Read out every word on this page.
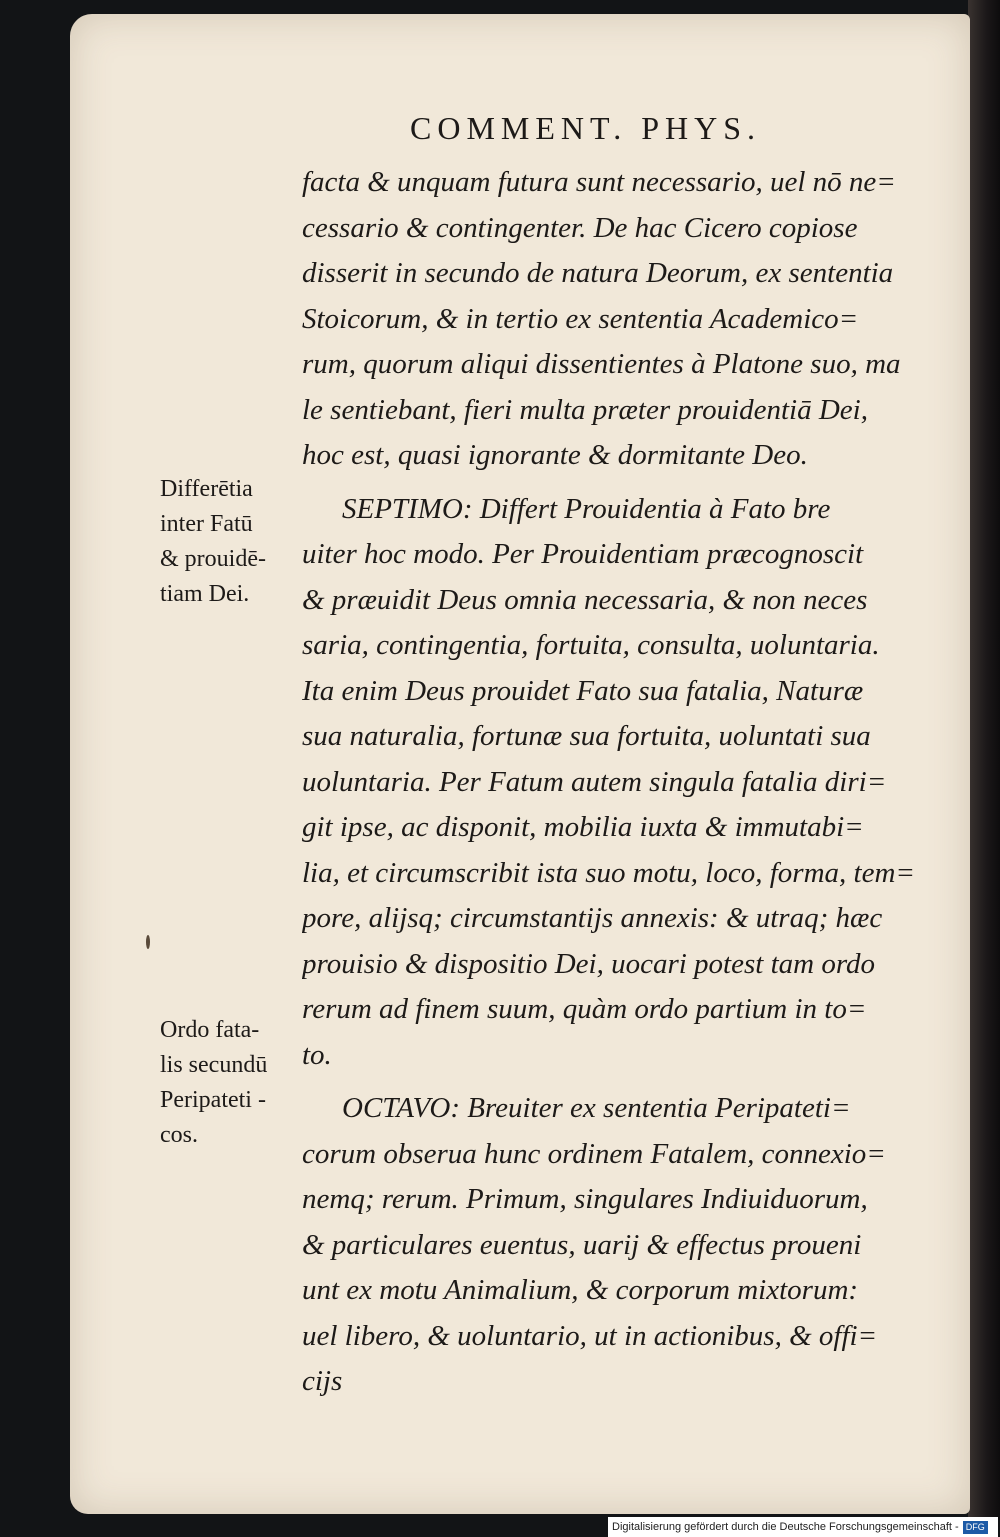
COMMENT. PHYS.
facta & unquam futura sunt necessario, uel nō ne=
cessario & contingenter. De hac Cicero copiose
disserit in secundo de natura Deorum, ex sententia
Stoicorum, & in tertio ex sententia Academico=
rum, quorum aliqui dissentientes à Platone suo, ma
le sentiebant, fieri multa præter prouidentiā Dei,
hoc est, quasi ignorante & dormitante Deo.
SEPTIMO: Differt Prouidentia à Fato bre
uiter hoc modo. Per Prouidentiam præcognoscit
& præuidit Deus omnia necessaria, & non neces
saria, contingentia, fortuita, consulta, uoluntaria.
Ita enim Deus prouidet Fato sua fatalia, Naturæ
sua naturalia, fortunæ sua fortuita, uoluntati sua
uoluntaria. Per Fatum autem singula fatalia diri=
git ipse, ac disponit, mobilia iuxta & immutabi=
lia, et circumscribit ista suo motu, loco, forma, tem=
pore, alijsq; circumstantijs annexis: & utraq; hæc
prouisio & dispositio Dei, uocari potest tam ordo
rerum ad finem suum, quàm ordo partium in to=
to.
OCTAVO: Breuiter ex sententia Peripateti=
corum obserua hunc ordinem Fatalem, connexio=
nemq; rerum. Primum, singulares Indiuiduorum,
& particulares euentus, uarij & effectus proueni
unt ex motu Animalium, & corporum mixtorum:
uel libero, & uoluntario, ut in actionibus, & offi=
cijs
Differētia
inter Fatū
& prouidē-
tiam Dei.
Ordo fata-
lis secundū
Peripateti -
cos.
Digitalisierung gefördert durch die Deutsche Forschungsgemeinschaft - DFG
